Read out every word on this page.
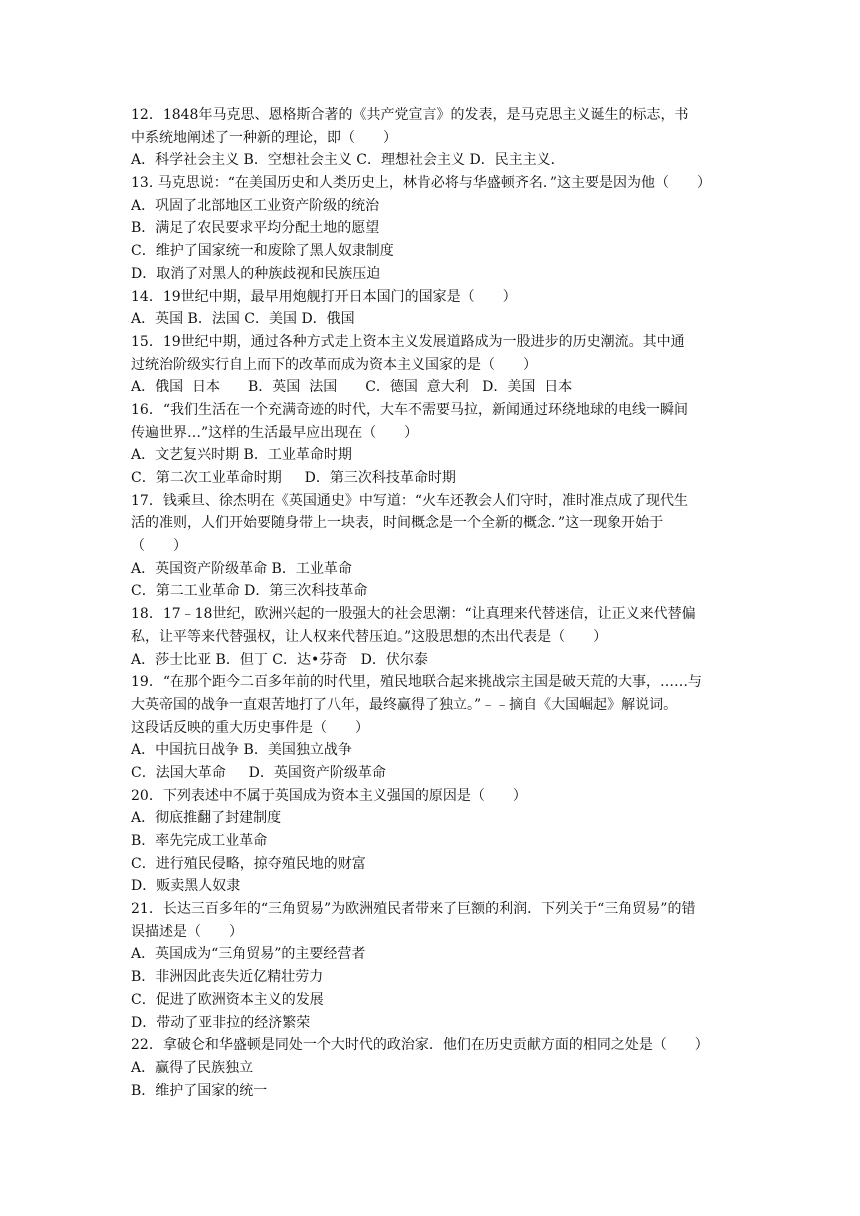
12．1848年马克思、恩格斯合著的《共产党宣言》的发表，是马克思主义诞生的标志，书
中系统地阐述了一种新的理论，即（　　）
A．科学社会主义 B．空想社会主义 C．理想社会主义 D．民主主义．
13. 马克思说：“在美国历史和人类历史上，林肯必将与华盛顿齐名．”这主要是因为他（　　）
A．巩固了北部地区工业资产阶级的统治
B．满足了农民要求平均分配土地的愿望
C．维护了国家统一和废除了黑人奴隶制度
D．取消了对黑人的种族歧视和民族压迫
14．19世纪中期，最早用炮舰打开日本国门的国家是（　　）
A．英国 B．法国 C．美国 D．俄国
15．19世纪中期，通过各种方式走上资本主义发展道路成为一股进步的历史潮流。其中通
过统治阶级实行自上而下的改革而成为资本主义国家的是（　　）
A．俄国  日本　　B．英国  法国　　C．德国  意大利   D．美国  日本
16．“我们生活在一个充满奇迹的时代，大车不需要马拉，新闻通过环绕地球的电线一瞬间
传遍世界…”这样的生活最早应出现在（　　）
A．文艺复兴时期 B．工业革命时期
C．第二次工业革命时期　  D．第三次科技革命时期
17．钱乘旦、徐杰明在《英国通史》中写道：“火车还教会人们守时，准时准点成了现代生
活的准则，人们开始要随身带上一块表，时间概念是一个全新的概念．”这一现象开始于
（　　）
A．英国资产阶级革命 B．工业革命
C．第二工业革命 D．第三次科技革命
18．17﹣18世纪，欧洲兴起的一股强大的社会思潮：“让真理来代替迷信，让正义来代替偏
私，让平等来代替强权，让人权来代替压迫。”这股思想的杰出代表是（　　）
A．莎士比亚 B．但丁 C．达•芬奇   D．伏尔泰
19．“在那个距今二百多年前的时代里，殖民地联合起来挑战宗主国是破天荒的大事，……与
大英帝国的战争一直艰苦地打了八年，最终赢得了独立。”﹣﹣摘自《大国崛起》解说词。
这段话反映的重大历史事件是（　　）
A．中国抗日战争 B．美国独立战争
C．法国大革命　  D．英国资产阶级革命
20．下列表述中不属于英国成为资本主义强国的原因是（　　）
A．彻底推翻了封建制度
B．率先完成工业革命
C．进行殖民侵略，掠夺殖民地的财富
D．贩卖黑人奴隶
21．长达三百多年的“三角贸易”为欧洲殖民者带来了巨额的利润．下列关于“三角贸易”的错
误描述是（　　）
A．英国成为“三角贸易”的主要经营者
B．非洲因此丧失近亿精壮劳力
C．促进了欧洲资本主义的发展
D．带动了亚非拉的经济繁荣
22．拿破仑和华盛顿是同处一个大时代的政治家．他们在历史贡献方面的相同之处是（　　）
A．赢得了民族独立
B．维护了国家的统一
